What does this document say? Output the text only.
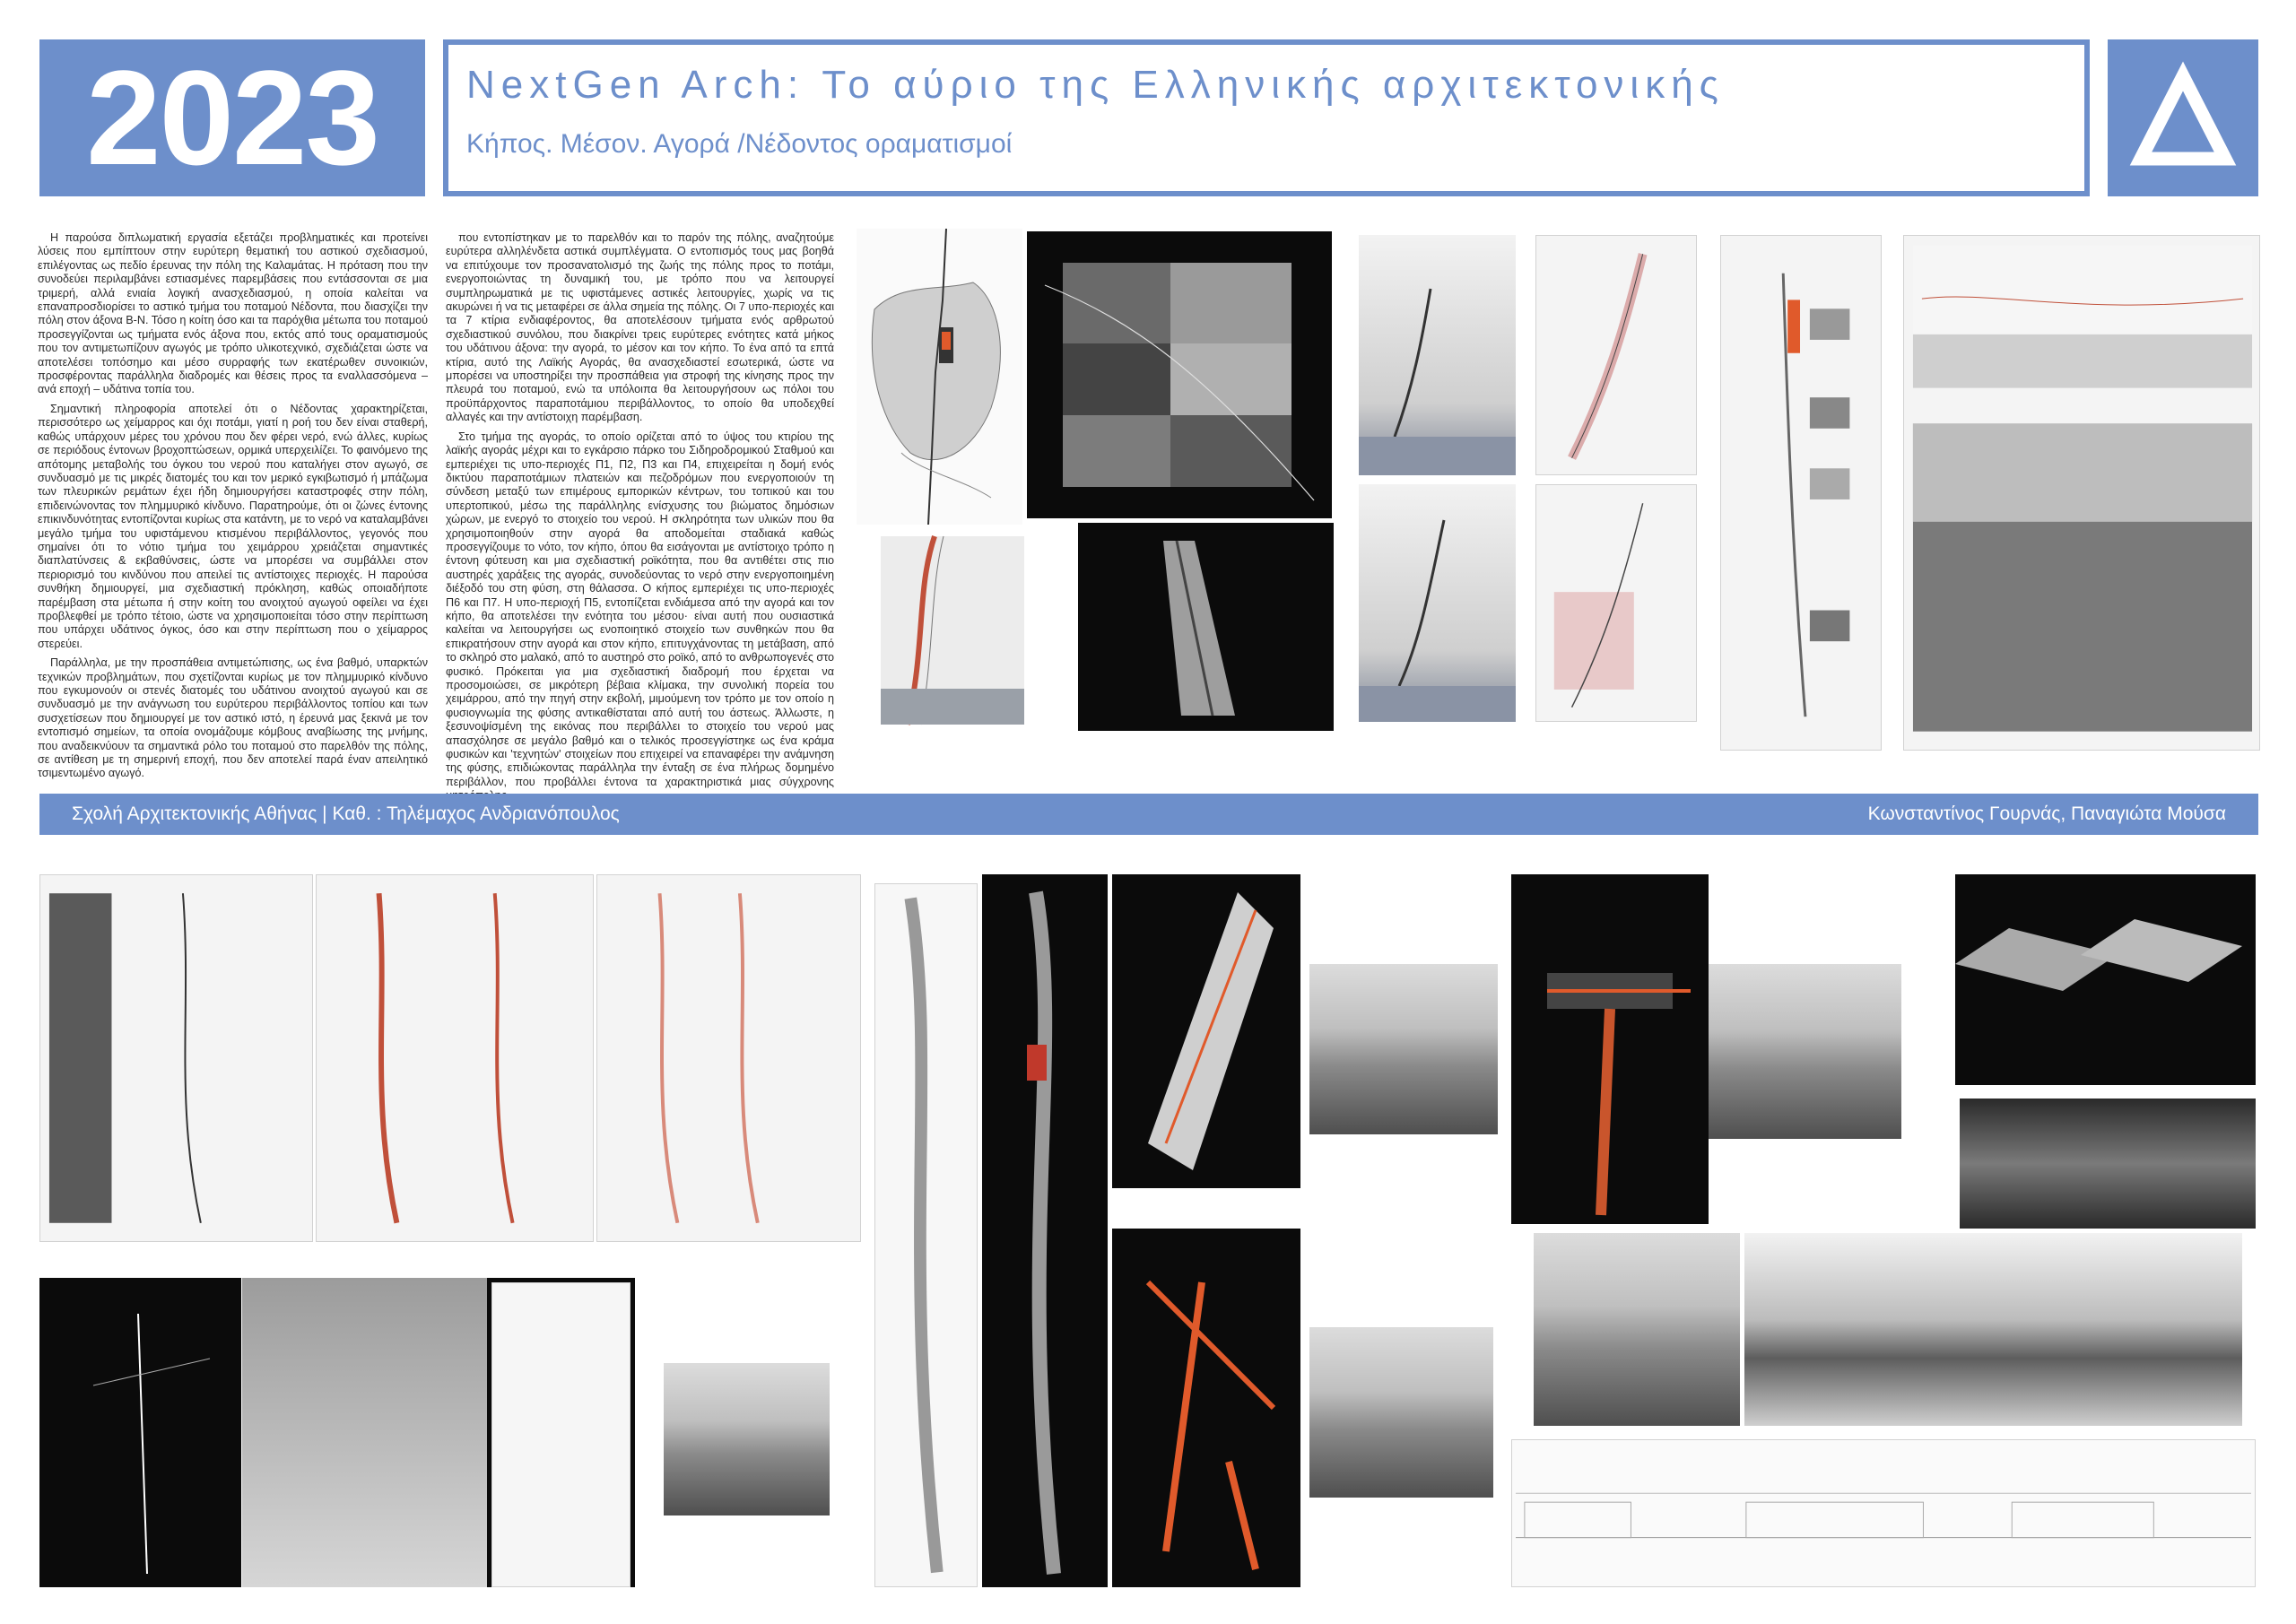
2023 NextGen Arch: Το αύριο της Ελληνικής αρχιτεκτονικής
Κήπος. Μέσον. Αγορά /Νέδοντος οραματισμοί

Η παρούσα διπλωματική εργασία εξετάζει προβληματικές και προτείνει λύσεις που εμπίπτουν στην ευρύτερη θεματική του αστικού σχεδιασμού, επιλέγοντας ως πεδίο έρευνας την πόλη της Καλαμάτας. Η πρόταση που την συνοδεύει περιλαμβάνει εστιασμένες παρεμβάσεις που εντάσσονται σε μια τριμερή, αλλά ενιαία λογική ανασχεδιασμού, η οποία καλείται να επαναπροσδιορίσει το αστικό τμήμα του ποταμού Νέδοντα, που διασχίζει την πόλη στον άξονα Β-Ν. Τόσο η κοίτη όσο και τα παρόχθια μέτωπα του ποταμού προσεγγίζονται ως τμήματα ενός άξονα που, εκτός από τους οραματισμούς που τον αντιμετωπίζουν αγωγός με τρόπο υλικοτεχνικό, σχεδιάζεται ώστε να αποτελέσει τοπόσημο και μέσο συρραφής των εκατέρωθεν συνοικιών, προσφέροντας παράλληλα διαδρομές και θέσεις προς τα εναλλασσόμενα – ανά εποχή – υδάτινα τοπία του.

Σημαντική πληροφορία αποτελεί ότι ο Νέδοντας χαρακτηρίζεται, περισσότερο ως χείμαρρος και όχι ποτάμι, γιατί η ροή του δεν είναι σταθερή, καθώς υπάρχουν μέρες του χρόνου που δεν φέρει νερό, ενώ άλλες, κυρίως σε περιόδους έντονων βροχοπτώσεων, ορμικά υπερχειλίζει. Το φαινόμενο της απότομης μεταβολής του όγκου του νερού που καταλήγει στον αγωγό, σε συνδυασμό με τις μικρές διατομές του και τον μερικό εγκιβωτισμό ή μπάζωμα των πλευρικών ρεμάτων έχει ήδη δημιουργήσει καταστροφές στην πόλη, επιδεινώνοντας τον πλημμυρικό κίνδυνο. Παρατηρούμε, ότι οι ζώνες έντονης επικινδυνότητας εντοπίζονται κυρίως στα κατάντη, με το νερό να καταλαμβάνει μεγάλο τμήμα του υφιστάμενου κτισμένου περιβάλλοντος, γεγονός που σημαίνει ότι το νότιο τμήμα του χειμάρρου χρειάζεται σημαντικές διαπλατύνσεις & εκβαθύνσεις, ώστε να μπορέσει να συμβάλλει στον περιορισμό του κινδύνου που απειλεί τις αντίστοιχες περιοχές. Η παρούσα συνθήκη δημιουργεί, μια σχεδιαστική πρόκληση, καθώς οποιαδήποτε παρέμβαση στα μέτωπα ή στην κοίτη του ανοιχτού αγωγού οφείλει να έχει προβλεφθεί με τρόπο τέτοιο, ώστε να χρησιμοποιείται τόσο στην περίπτωση που υπάρχει υδάτινος όγκος, όσο και στην περίπτωση που ο χείμαρρος στερεύει.

Παράλληλα, με την προσπάθεια αντιμετώπισης, ως ένα βαθμό, υπαρκτών τεχνικών προβλημάτων, που σχετίζονται κυρίως με τον πλημμυρικό κίνδυνο που εγκυμονούν οι στενές διατομές του υδάτινου ανοιχτού αγωγού και σε συνδυασμό με την ανάγνωση του ευρύτερου περιβάλλοντος τοπίου και των συσχετίσεων που δημιουργεί με τον αστικό ιστό, η έρευνά μας ξεκινά με τον εντοπισμό σημείων, τα οποία ονομάζουμε κόμβους αναβίωσης της μνήμης, που αναδεικνύουν τα σημαντικά ρόλο του ποταμού στο παρελθόν της πόλης, σε αντίθεση με τη σημερινή εποχή, που δεν αποτελεί παρά έναν απειλητικό τσιμεντωμένο αγωγό.

που εντοπίστηκαν με το παρελθόν και το παρόν της πόλης, αναζητούμε ευρύτερα αλληλένδετα αστικά συμπλέγματα. Ο εντοπισμός τους μας βοηθά να επιτύχουμε τον προσανατολισμό της ζωής της πόλης προς το ποτάμι, ενεργοποιώντας τη δυναμική του, με τρόπο που να λειτουργεί συμπληρωματικά με τις υφιστάμενες αστικές λειτουργίες, χωρίς να τις ακυρώνει ή να τις μεταφέρει σε άλλα σημεία της πόλης. Οι 7 υπο-περιοχές και τα 7 κτίρια ενδιαφέροντος, θα αποτελέσουν τμήματα ενός αρθρωτού σχεδιαστικού συνόλου, που διακρίνει τρεις ευρύτερες ενότητες κατά μήκος του υδάτινου άξονα: την αγορά, το μέσον και τον κήπο. Το ένα από τα επτά κτίρια, αυτό της Λαϊκής Αγοράς, θα ανασχεδιαστεί εσωτερικά, ώστε να μπορέσει να υποστηρίξει την προσπάθεια για στροφή της κίνησης προς την πλευρά του ποταμού, ενώ τα υπόλοιπα θα λειτουργήσουν ως πόλοι του προϋπάρχοντος παραποτάμιου περιβάλλοντος, το οποίο θα υποδεχθεί αλλαγές και την αντίστοιχη παρέμβαση.

Στο τμήμα της αγοράς, το οποίο ορίζεται από το ύψος του κτιρίου της λαϊκής αγοράς μέχρι και το εγκάρσιο πάρκο του Σιδηροδρομικού Σταθμού και εμπεριέχει τις υπο-περιοχές Π1, Π2, Π3 και Π4, επιχειρείται η δομή ενός δικτύου παραποτάμιων πλατειών και πεζοδρόμων που ενεργοποιούν τη σύνδεση μεταξύ των επιμέρους εμπορικών κέντρων, του τοπικού και του υπερτοπικού, μέσω της παράλληλης ενίσχυσης του βιώματος δημόσιων χώρων, με ενεργό το στοιχείο του νερού. Η σκληρότητα των υλικών που θα χρησιμοποιηθούν στην αγορά θα αποδομείται σταδιακά καθώς προσεγγίζουμε το νότο, τον κήπο, όπου θα εισάγονται με αντίστοιχο τρόπο η έντονη φύτευση και μια σχεδιαστική ροϊκότητα, που θα αντιθέτει στις πιο αυστηρές χαράξεις της αγοράς, συνοδεύοντας το νερό στην ενεργοποιημένη διέξοδό του στη φύση, στη θάλασσα. Ο κήπος εμπεριέχει τις υπο-περιοχές Π6 και Π7. Η υπο-περιοχή Π5, εντοπίζεται ενδιάμεσα από την αγορά και τον κήπο, θα αποτελέσει την ενότητα του μέσου· είναι αυτή που ουσιαστικά καλείται να λειτουργήσει ως ενοποιητικό στοιχείο των συνθηκών που θα επικρατήσουν στην αγορά και στον κήπο, επιτυγχάνοντας τη μετάβαση, από το σκληρό στο μαλακό, από το αυστηρό στο ροϊκό, από το ανθρωπογενές στο φυσικό. Πρόκειται για μια σχεδιαστική διαδρομή που έρχεται να προσομοιώσει, σε μικρότερη βέβαια κλίμακα, την συνολική πορεία του χειμάρρου, από την πηγή στην εκβολή, μιμούμενη τον τρόπο με τον οποίο η φυσιογνωμία της φύσης αντικαθίσταται από αυτή του άστεως. Άλλωστε, η ξεσυνοψίσμένη της εικόνας που περιβάλλει το στοιχείο του νερού μας απασχόλησε σε μεγάλο βαθμό και ο τελικός προσεγγίστηκε ως ένα κράμα φυσικών και 'τεχνητών' στοιχείων που επιχειρεί να επαναφέρει την ανάμνηση της φύσης, επιδιώκοντας παράλληλα την ένταξη σε ένα πλήρως δομημένο περιβάλλον, που προβάλλει έντονα τα χαρακτηριστικά μιας σύγχρονης

Σχολή Αρχιτεκτονικής Αθήνας | Καθ. : Τηλέμαχος Ανδριανόπουλος	Κωνσταντίνος Γουρνάς, Παναγιώτα Μούσα
